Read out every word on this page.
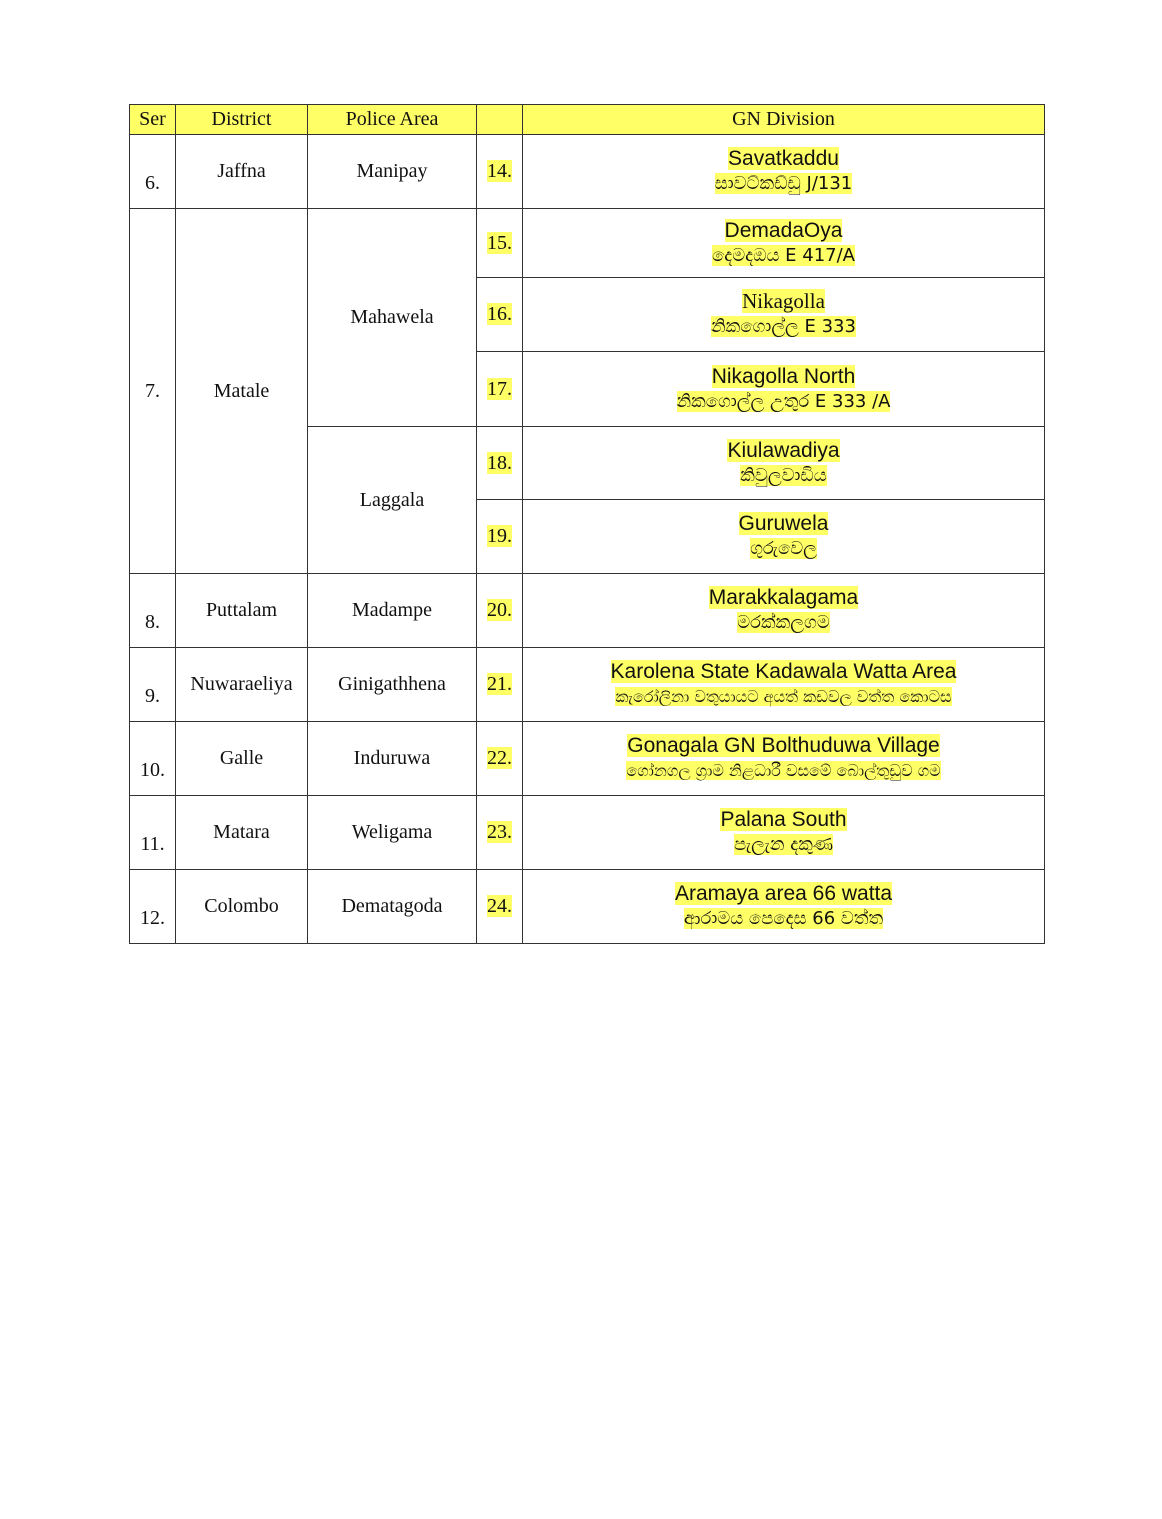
Ser	District	Police Area		GN Division
6.	Jaffna	Manipay	14.	Savatkaddu
සාවට්කඩ්ඩු J/131

7.	Matale	Mahawela	15.	DemadaOya
දෙමදඔය E 417/A

			16.	Nikagolla
නිකගොල්ල E 333

			17.	Nikagolla North
නිකගොල්ල උතුර E 333 /A

		Laggala	18.	Kiulawadiya
කිවුලවාඩිය

			19.	Guruwela
ගුරුවෙල

8.	Puttalam	Madampe	20.	Marakkalagama
මරක්කලගම

9.	Nuwaraeliya	Ginigathhena	21.	Karolena State Kadawala Watta Area
කැරෝලිනා වතුයායට අයත් කඩවල වත්ත කොටස

10.	Galle	Induruwa	22.	Gonagala GN Bolthuduwa Village
ගෝනගල ග්‍රාම නිළධාරී වසමේ බොල්තුඩුව ගම

11.	Matara	Weligama	23.	Palana South
පැලැන දකුණ

12.	Colombo	Dematagoda	24.	Aramaya area 66 watta
ආරාමය පෙදෙස 66 වත්ත
